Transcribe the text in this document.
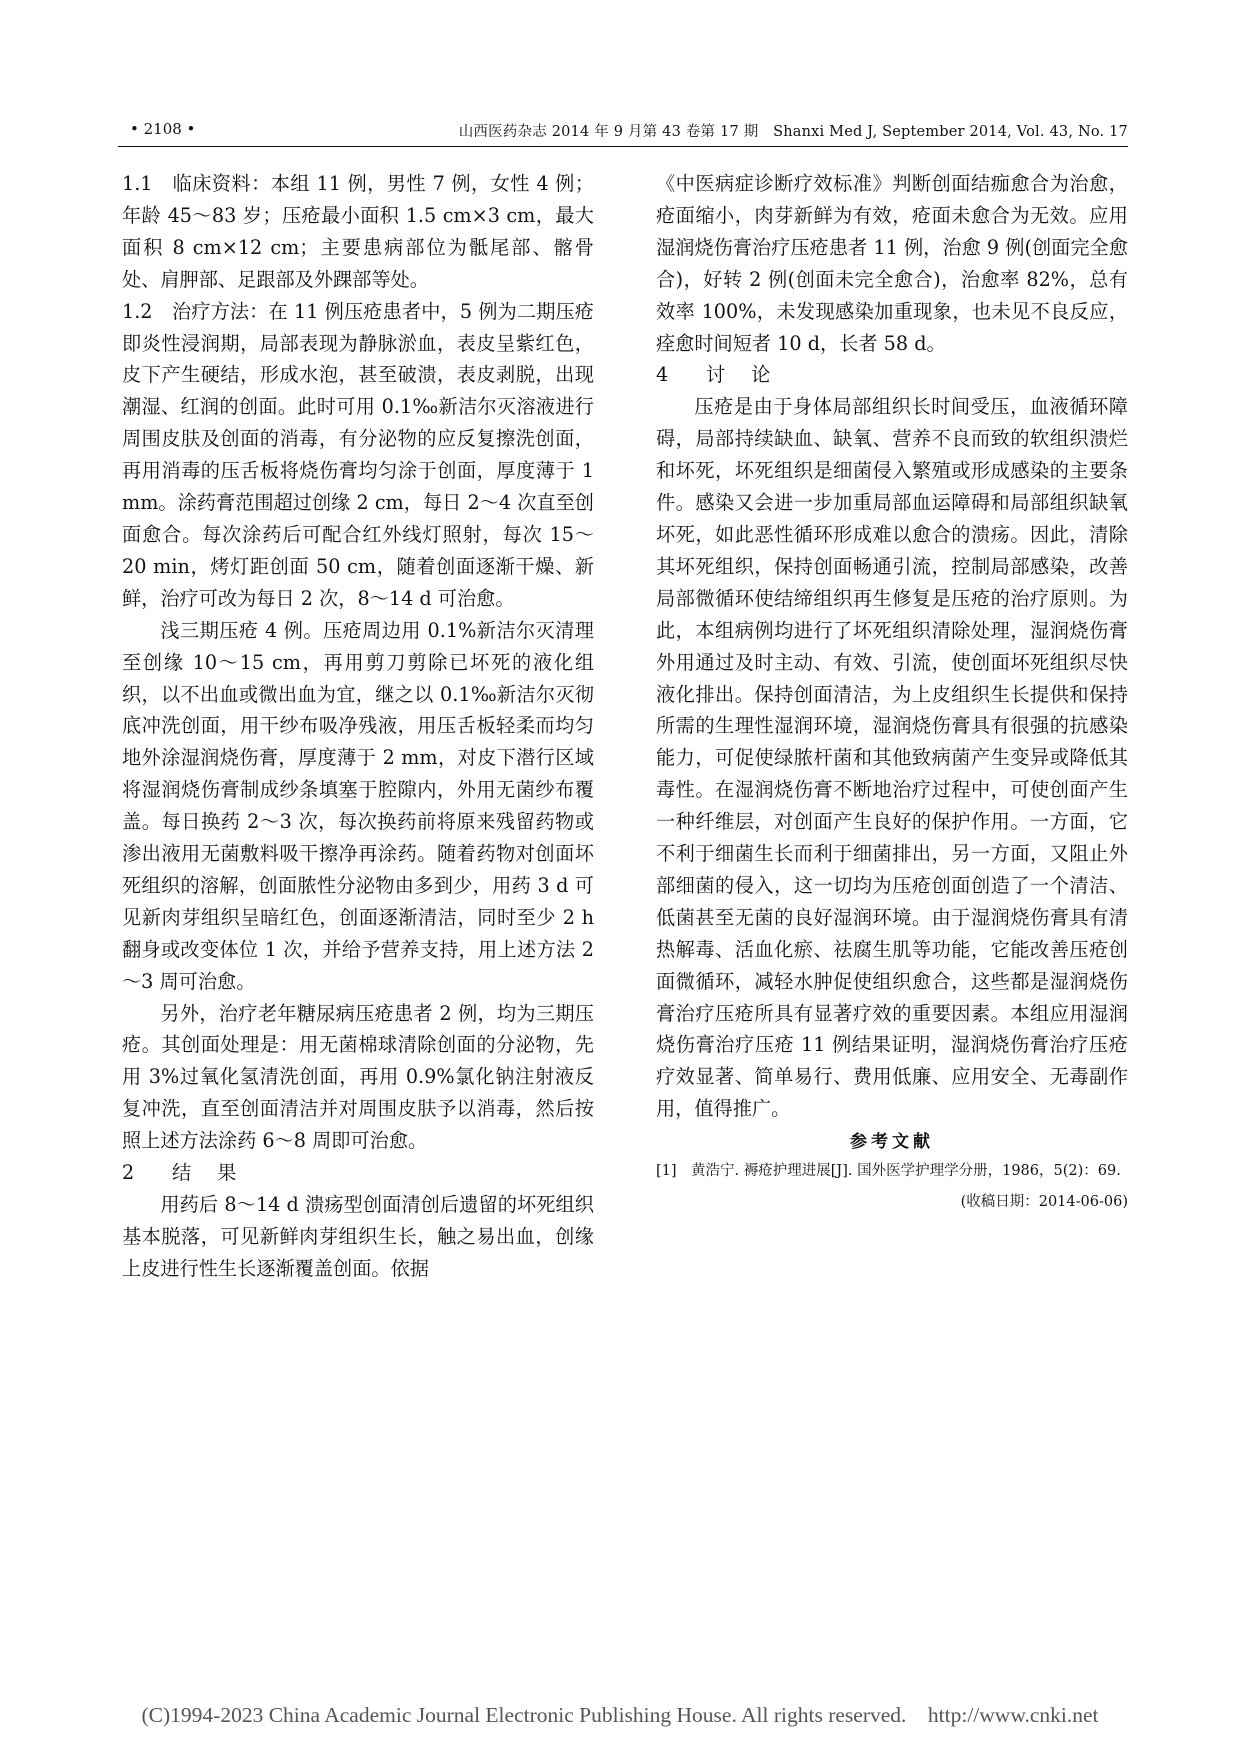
• 2108 •	山西医药杂志 2014 年 9 月第 43 卷第 17 期　Shanxi Med J, September 2014, Vol. 43, No. 17

1.1　临床资料：本组 11 例，男性 7 例，女性 4 例；年龄 45～83 岁；压疮最小面积 1.5 cm×3 cm，最大面积 8 cm×12 cm；主要患病部位为骶尾部、髂骨处、肩胛部、足跟部及外踝部等处。

1.2　治疗方法：在 11 例压疮患者中，5 例为二期压疮即炎性浸润期，局部表现为静脉淤血，表皮呈紫红色，皮下产生硬结，形成水泡，甚至破溃，表皮剥脱，出现潮湿、红润的创面。此时可用 0.1‰新洁尔灭溶液进行周围皮肤及创面的消毒，有分泌物的应反复擦洗创面，再用消毒的压舌板将烧伤膏均匀涂于创面，厚度薄于 1 mm。涂药膏范围超过创缘 2 cm，每日 2～4 次直至创面愈合。每次涂药后可配合红外线灯照射，每次 15～20 min，烤灯距创面 50 cm，随着创面逐渐干燥、新鲜，治疗可改为每日 2 次，8～14 d 可治愈。

浅三期压疮 4 例。压疮周边用 0.1%新洁尔灭清理至创缘 10～15 cm，再用剪刀剪除已坏死的液化组织，以不出血或微出血为宜，继之以 0.1‰新洁尔灭彻底冲洗创面，用干纱布吸净残液，用压舌板轻柔而均匀地外涂湿润烧伤膏，厚度薄于 2 mm，对皮下潜行区域将湿润烧伤膏制成纱条填塞于腔隙内，外用无菌纱布覆盖。每日换药 2～3 次，每次换药前将原来残留药物或渗出液用无菌敷料吸干擦净再涂药。随着药物对创面坏死组织的溶解，创面脓性分泌物由多到少，用药 3 d 可见新肉芽组织呈暗红色，创面逐渐清洁，同时至少 2 h 翻身或改变体位 1 次，并给予营养支持，用上述方法 2～3 周可治愈。

另外，治疗老年糖尿病压疮患者 2 例，均为三期压疮。其创面处理是：用无菌棉球清除创面的分泌物，先用 3%过氧化氢清洗创面，再用 0.9%氯化钠注射液反复冲洗，直至创面清洁并对周围皮肤予以消毒，然后按照上述方法涂药 6～8 周即可治愈。

2 结果

用药后 8～14 d 溃疡型创面清创后遗留的坏死组织基本脱落，可见新鲜肉芽组织生长，触之易出血，创缘上皮进行性生长逐渐覆盖创面。依据

《中医病症诊断疗效标准》判断创面结痂愈合为治愈，疮面缩小，肉芽新鲜为有效，疮面未愈合为无效。应用湿润烧伤膏治疗压疮患者 11 例，治愈 9 例(创面完全愈合)，好转 2 例(创面未完全愈合)，治愈率 82%，总有效率 100%，未发现感染加重现象，也未见不良反应，痊愈时间短者 10 d，长者 58 d。

4 讨论

压疮是由于身体局部组织长时间受压，血液循环障碍，局部持续缺血、缺氧、营养不良而致的软组织溃烂和坏死，坏死组织是细菌侵入繁殖或形成感染的主要条件。感染又会进一步加重局部血运障碍和局部组织缺氧坏死，如此恶性循环形成难以愈合的溃疡。因此，清除其坏死组织，保持创面畅通引流，控制局部感染，改善局部微循环使结缔组织再生修复是压疮的治疗原则。为此，本组病例均进行了坏死组织清除处理，湿润烧伤膏外用通过及时主动、有效、引流，使创面坏死组织尽快液化排出。保持创面清洁，为上皮组织生长提供和保持所需的生理性湿润环境，湿润烧伤膏具有很强的抗感染能力，可促使绿脓杆菌和其他致病菌产生变异或降低其毒性。在湿润烧伤膏不断地治疗过程中，可使创面产生一种纤维层，对创面产生良好的保护作用。一方面，它不利于细菌生长而利于细菌排出，另一方面，又阻止外部细菌的侵入，这一切均为压疮创面创造了一个清洁、低菌甚至无菌的良好湿润环境。由于湿润烧伤膏具有清热解毒、活血化瘀、祛腐生肌等功能，它能改善压疮创面微循环，减轻水肿促使组织愈合，这些都是湿润烧伤膏治疗压疮所具有显著疗效的重要因素。本组应用湿润烧伤膏治疗压疮 11 例结果证明，湿润烧伤膏治疗压疮疗效显著、简单易行、费用低廉、应用安全、无毒副作用，值得推广。

参考文献
[1]　黄浩宁. 褥疮护理进展[J]. 国外医学护理学分册，1986，5(2)：69.
(收稿日期：2014-06-06)
(C)1994-2023 China Academic Journal Electronic Publishing House. All rights reserved.　http://www.cnki.net
